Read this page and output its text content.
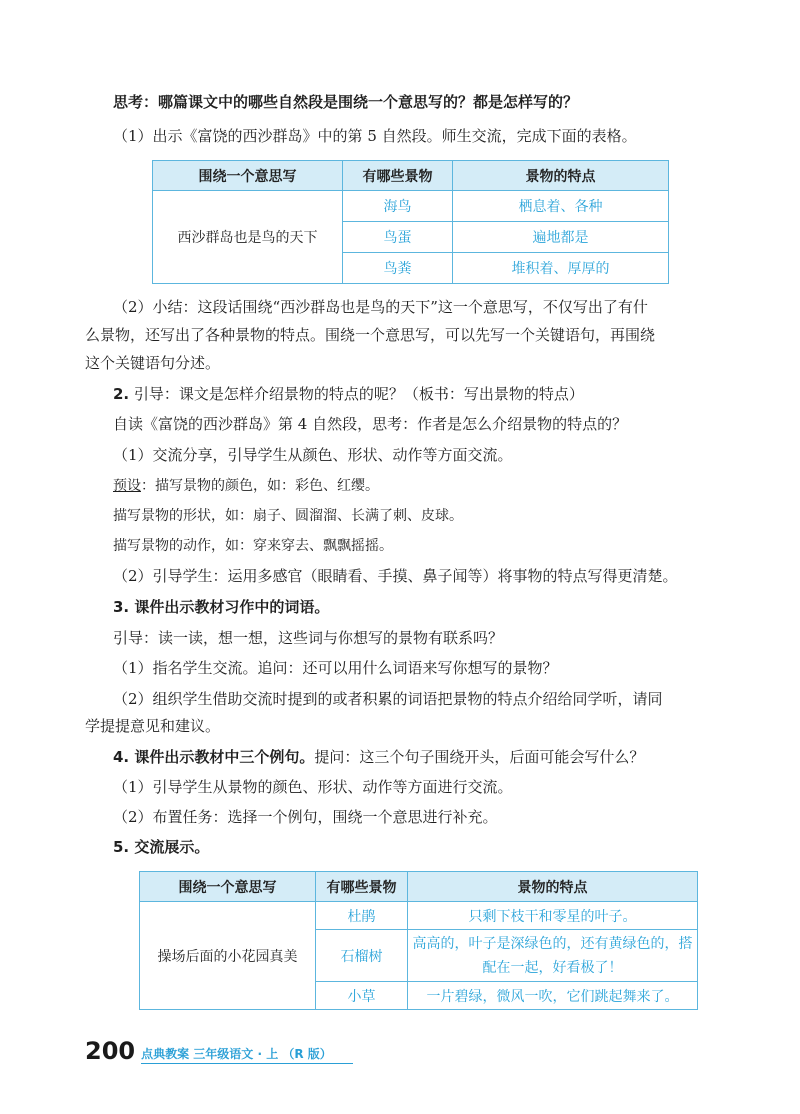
思考：哪篇课文中的哪些自然段是围绕一个意思写的？都是怎样写的？
（1）出示《富饶的西沙群岛》中的第 5 自然段。师生交流，完成下面的表格。
围绕一个意思写	有哪些景物	景物的特点
西沙群岛也是鸟的天下	海鸟	栖息着、各种
	鸟蛋	遍地都是
	鸟粪	堆积着、厚厚的
（2）小结：这段话围绕“西沙群岛也是鸟的天下”这一个意思写，不仅写出了有什
么景物，还写出了各种景物的特点。围绕一个意思写，可以先写一个关键语句，再围绕
这个关键语句分述。
2. 引导：课文是怎样介绍景物的特点的呢？（板书：写出景物的特点）
自读《富饶的西沙群岛》第 4 自然段，思考：作者是怎么介绍景物的特点的？
（1）交流分享，引导学生从颜色、形状、动作等方面交流。
预设：描写景物的颜色，如：彩色、红缨。
描写景物的形状，如：扇子、圆溜溜、长满了刺、皮球。
描写景物的动作，如：穿来穿去、飘飘摇摇。
（2）引导学生：运用多感官（眼睛看、手摸、鼻子闻等）将事物的特点写得更清楚。
3. 课件出示教材习作中的词语。
引导：读一读，想一想，这些词与你想写的景物有联系吗？
（1）指名学生交流。追问：还可以用什么词语来写你想写的景物？
（2）组织学生借助交流时提到的或者积累的词语把景物的特点介绍给同学听，请同
学提提意见和建议。
4. 课件出示教材中三个例句。提问：这三个句子围绕开头，后面可能会写什么？
（1）引导学生从景物的颜色、形状、动作等方面进行交流。
（2）布置任务：选择一个例句，围绕一个意思进行补充。
5. 交流展示。
围绕一个意思写	有哪些景物	景物的特点
操场后面的小花园真美	杜鹃	只剩下枝干和零星的叶子。
	石榴树	高高的，叶子是深绿色的，还有黄绿色的，搭配在一起，好看极了！
	小草	一片碧绿，微风一吹，它们跳起舞来了。
200 点典教案 三年级语文 · 上 （R 版）
